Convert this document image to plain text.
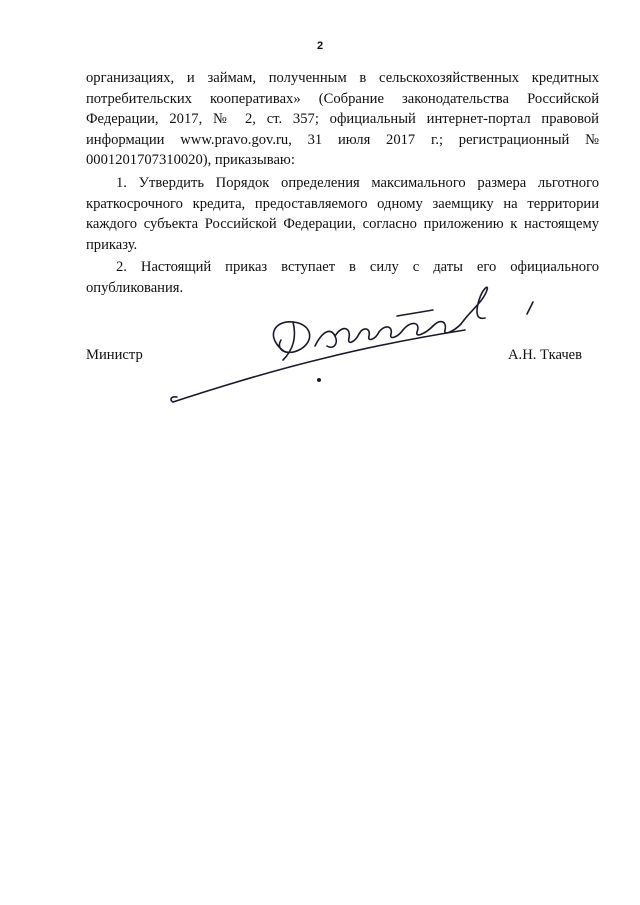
2

организациях, и займам, полученным в сельскохозяйственных кредитных потребительских кооперативах» (Собрание законодательства Российской Федерации, 2017, № 2, ст. 357; официальный интернет-портал правовой информации www.pravo.gov.ru, 31 июля 2017 г.; регистрационный № 0001201707310020), приказываю:

1. Утвердить Порядок определения максимального размера льготного краткосрочного кредита, предоставляемого одному заемщику на территории каждого субъекта Российской Федерации, согласно приложению к настоящему приказу.

2. Настоящий приказ вступает в силу с даты его официального опубликования.

Министр	А.Н. Ткачев
